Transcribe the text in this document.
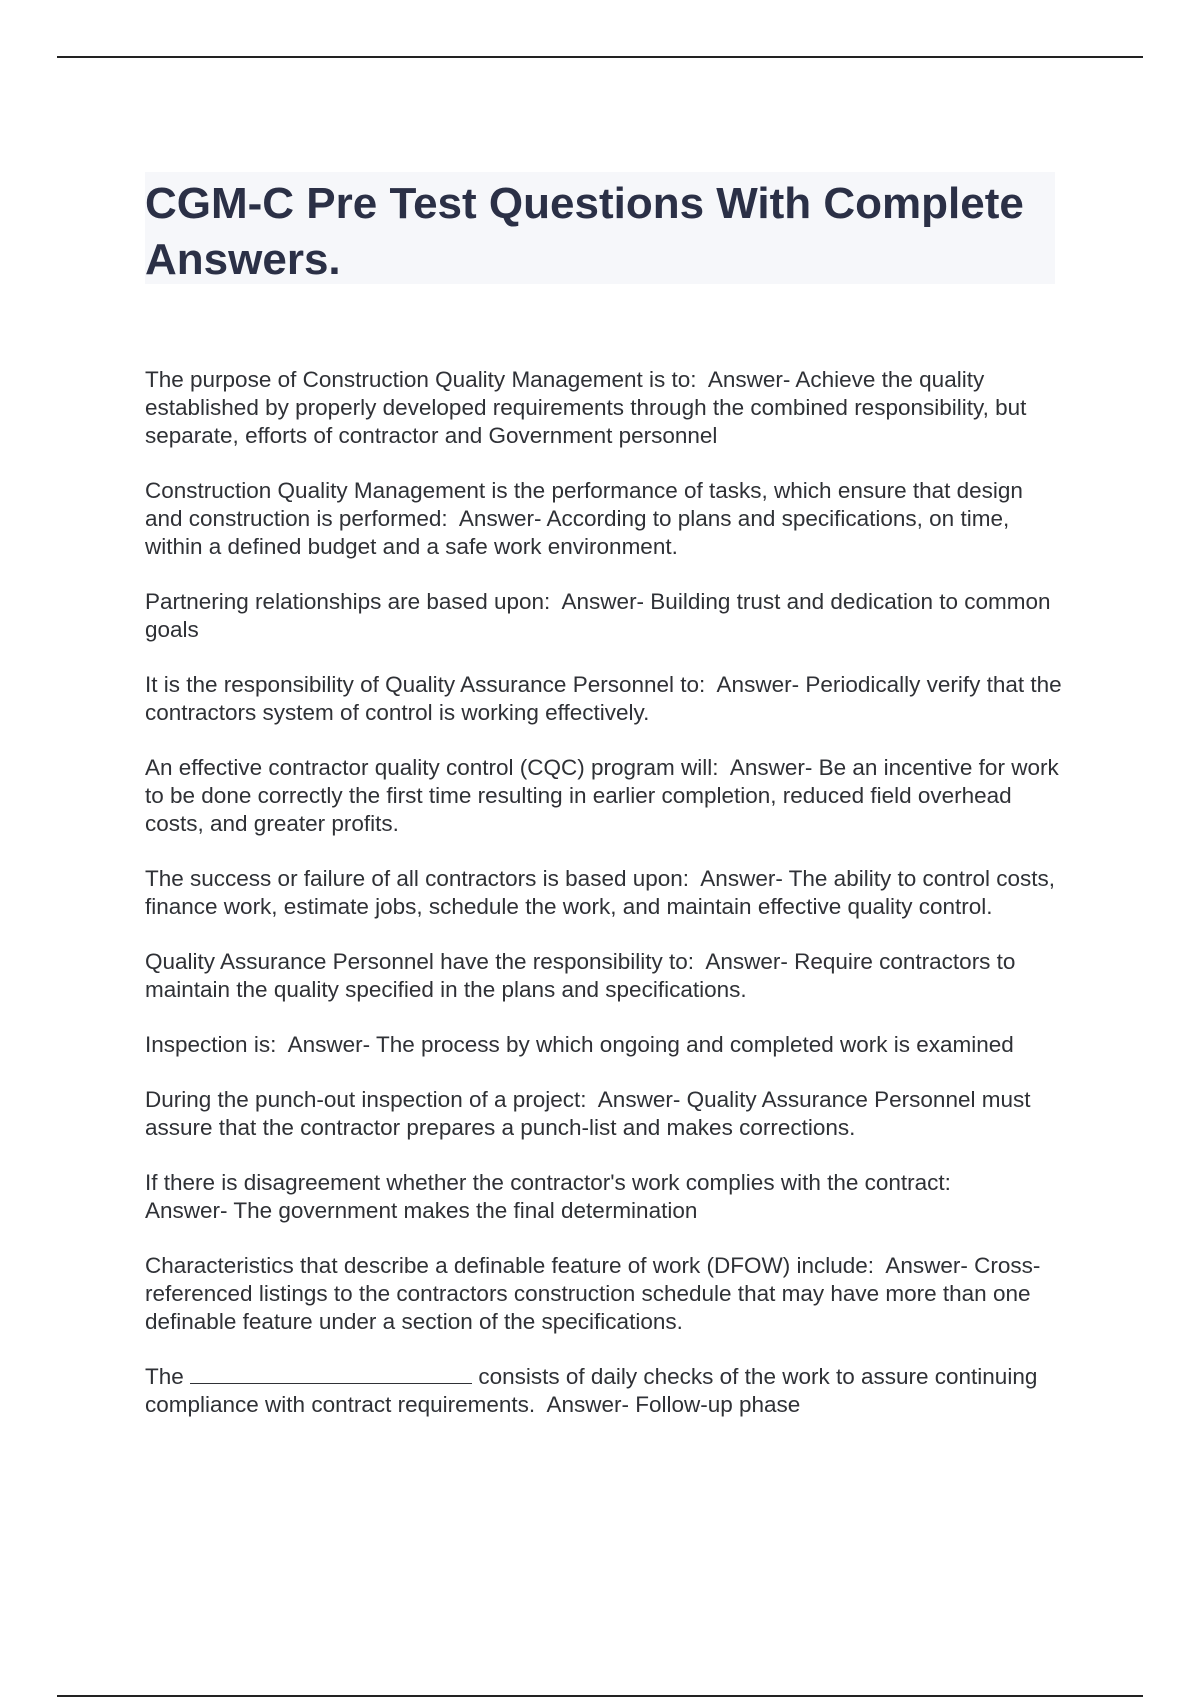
CGM-C Pre Test Questions With Complete Answers.

The purpose of Construction Quality Management is to: Answer- Achieve the quality established by properly developed requirements through the combined responsibility, but separate, efforts of contractor and Government personnel

Construction Quality Management is the performance of tasks, which ensure that design and construction is performed: Answer- According to plans and specifications, on time, within a defined budget and a safe work environment.

Partnering relationships are based upon: Answer- Building trust and dedication to common goals

It is the responsibility of Quality Assurance Personnel to: Answer- Periodically verify that the contractors system of control is working effectively.

An effective contractor quality control (CQC) program will: Answer- Be an incentive for work to be done correctly the first time resulting in earlier completion, reduced field overhead costs, and greater profits.

The success or failure of all contractors is based upon: Answer- The ability to control costs, finance work, estimate jobs, schedule the work, and maintain effective quality control.

Quality Assurance Personnel have the responsibility to: Answer- Require contractors to maintain the quality specified in the plans and specifications.

Inspection is: Answer- The process by which ongoing and completed work is examined

During the punch-out inspection of a project: Answer- Quality Assurance Personnel must assure that the contractor prepares a punch-list and makes corrections.

If there is disagreement whether the contractor's work complies with the contract:
Answer- The government makes the final determination

Characteristics that describe a definable feature of work (DFOW) include: Answer- Cross-referenced listings to the contractors construction schedule that may have more than one definable feature under a section of the specifications.

The	consists of daily checks of the work to assure continuing compliance with contract requirements. Answer- Follow-up phase
